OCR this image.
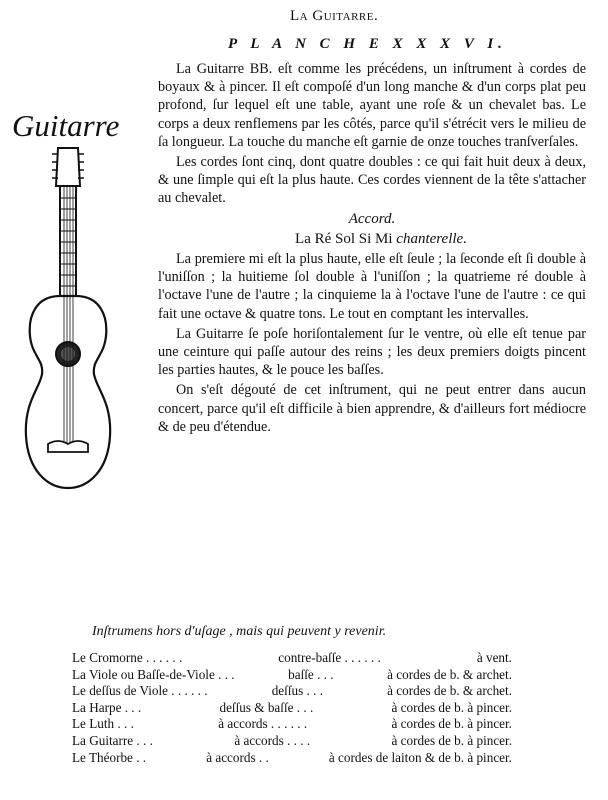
La Guitarre.
P L A N C H E X X X V I.
Guitarre

La Guitarre BB. eſt comme les précédens, un inſtrument à cordes de boyaux & à pincer. Il eſt compoſé d'un long manche & d'un corps plat peu profond, ſur lequel eſt une table, ayant une roſe & un chevalet bas. Le corps a deux renflemens par les côtés, parce qu'il s'étrécit vers le milieu de ſa longueur. La touche du manche eſt garnie de onze touches tranſverſales.

Les cordes ſont cinq, dont quatre doubles : ce qui fait huit deux à deux, & une ſimple qui eſt la plus haute. Ces cordes viennent de la tête s'attacher au chevalet.

Accord.

La Ré Sol Si Mi chanterelle.

La premiere mi eſt la plus haute, elle eſt ſeule ; la ſeconde eſt ſi double à l'uniſſon ; la huitieme ſol double à l'uniſſon ; la quatrieme ré double à l'octave l'une de l'autre ; la cinquieme la à l'octave l'une de l'autre : ce qui fait une octave & quatre tons. Le tout en comptant les intervalles.

La Guitarre ſe poſe horiſontalement ſur le ventre, où elle eſt tenue par une ceinture qui paſſe autour des reins ; les deux premiers doigts pincent les parties hautes, & le pouce les baſſes.

On s'eſt dégouté de cet inſtrument, qui ne peut entrer dans aucun concert, parce qu'il eſt difficile à bien apprendre, & d'ailleurs fort médiocre & de peu d'étendue.

Inſtrumens hors d'uſage , mais qui peuvent y revenir.
Le Cromorne . . . . . .	contre-baſſe . . . . . .	à vent.
La Viole ou Baſſe-de-Viole . . .	baſſe . . .	à cordes de b. & archet.
Le deſſus de Viole . . . . . .	deſſus . . .	à cordes de b. & archet.
La Harpe . . .	deſſus & baſſe . . .	à cordes de b. à pincer.
Le Luth . . .	à accords . . . . . .	à cordes de b. à pincer.
La Guitarre . . .	à accords . . . .	à cordes de b. à pincer.
Le Théorbe . .	à accords . .	à cordes de laiton & de b. à pincer.
